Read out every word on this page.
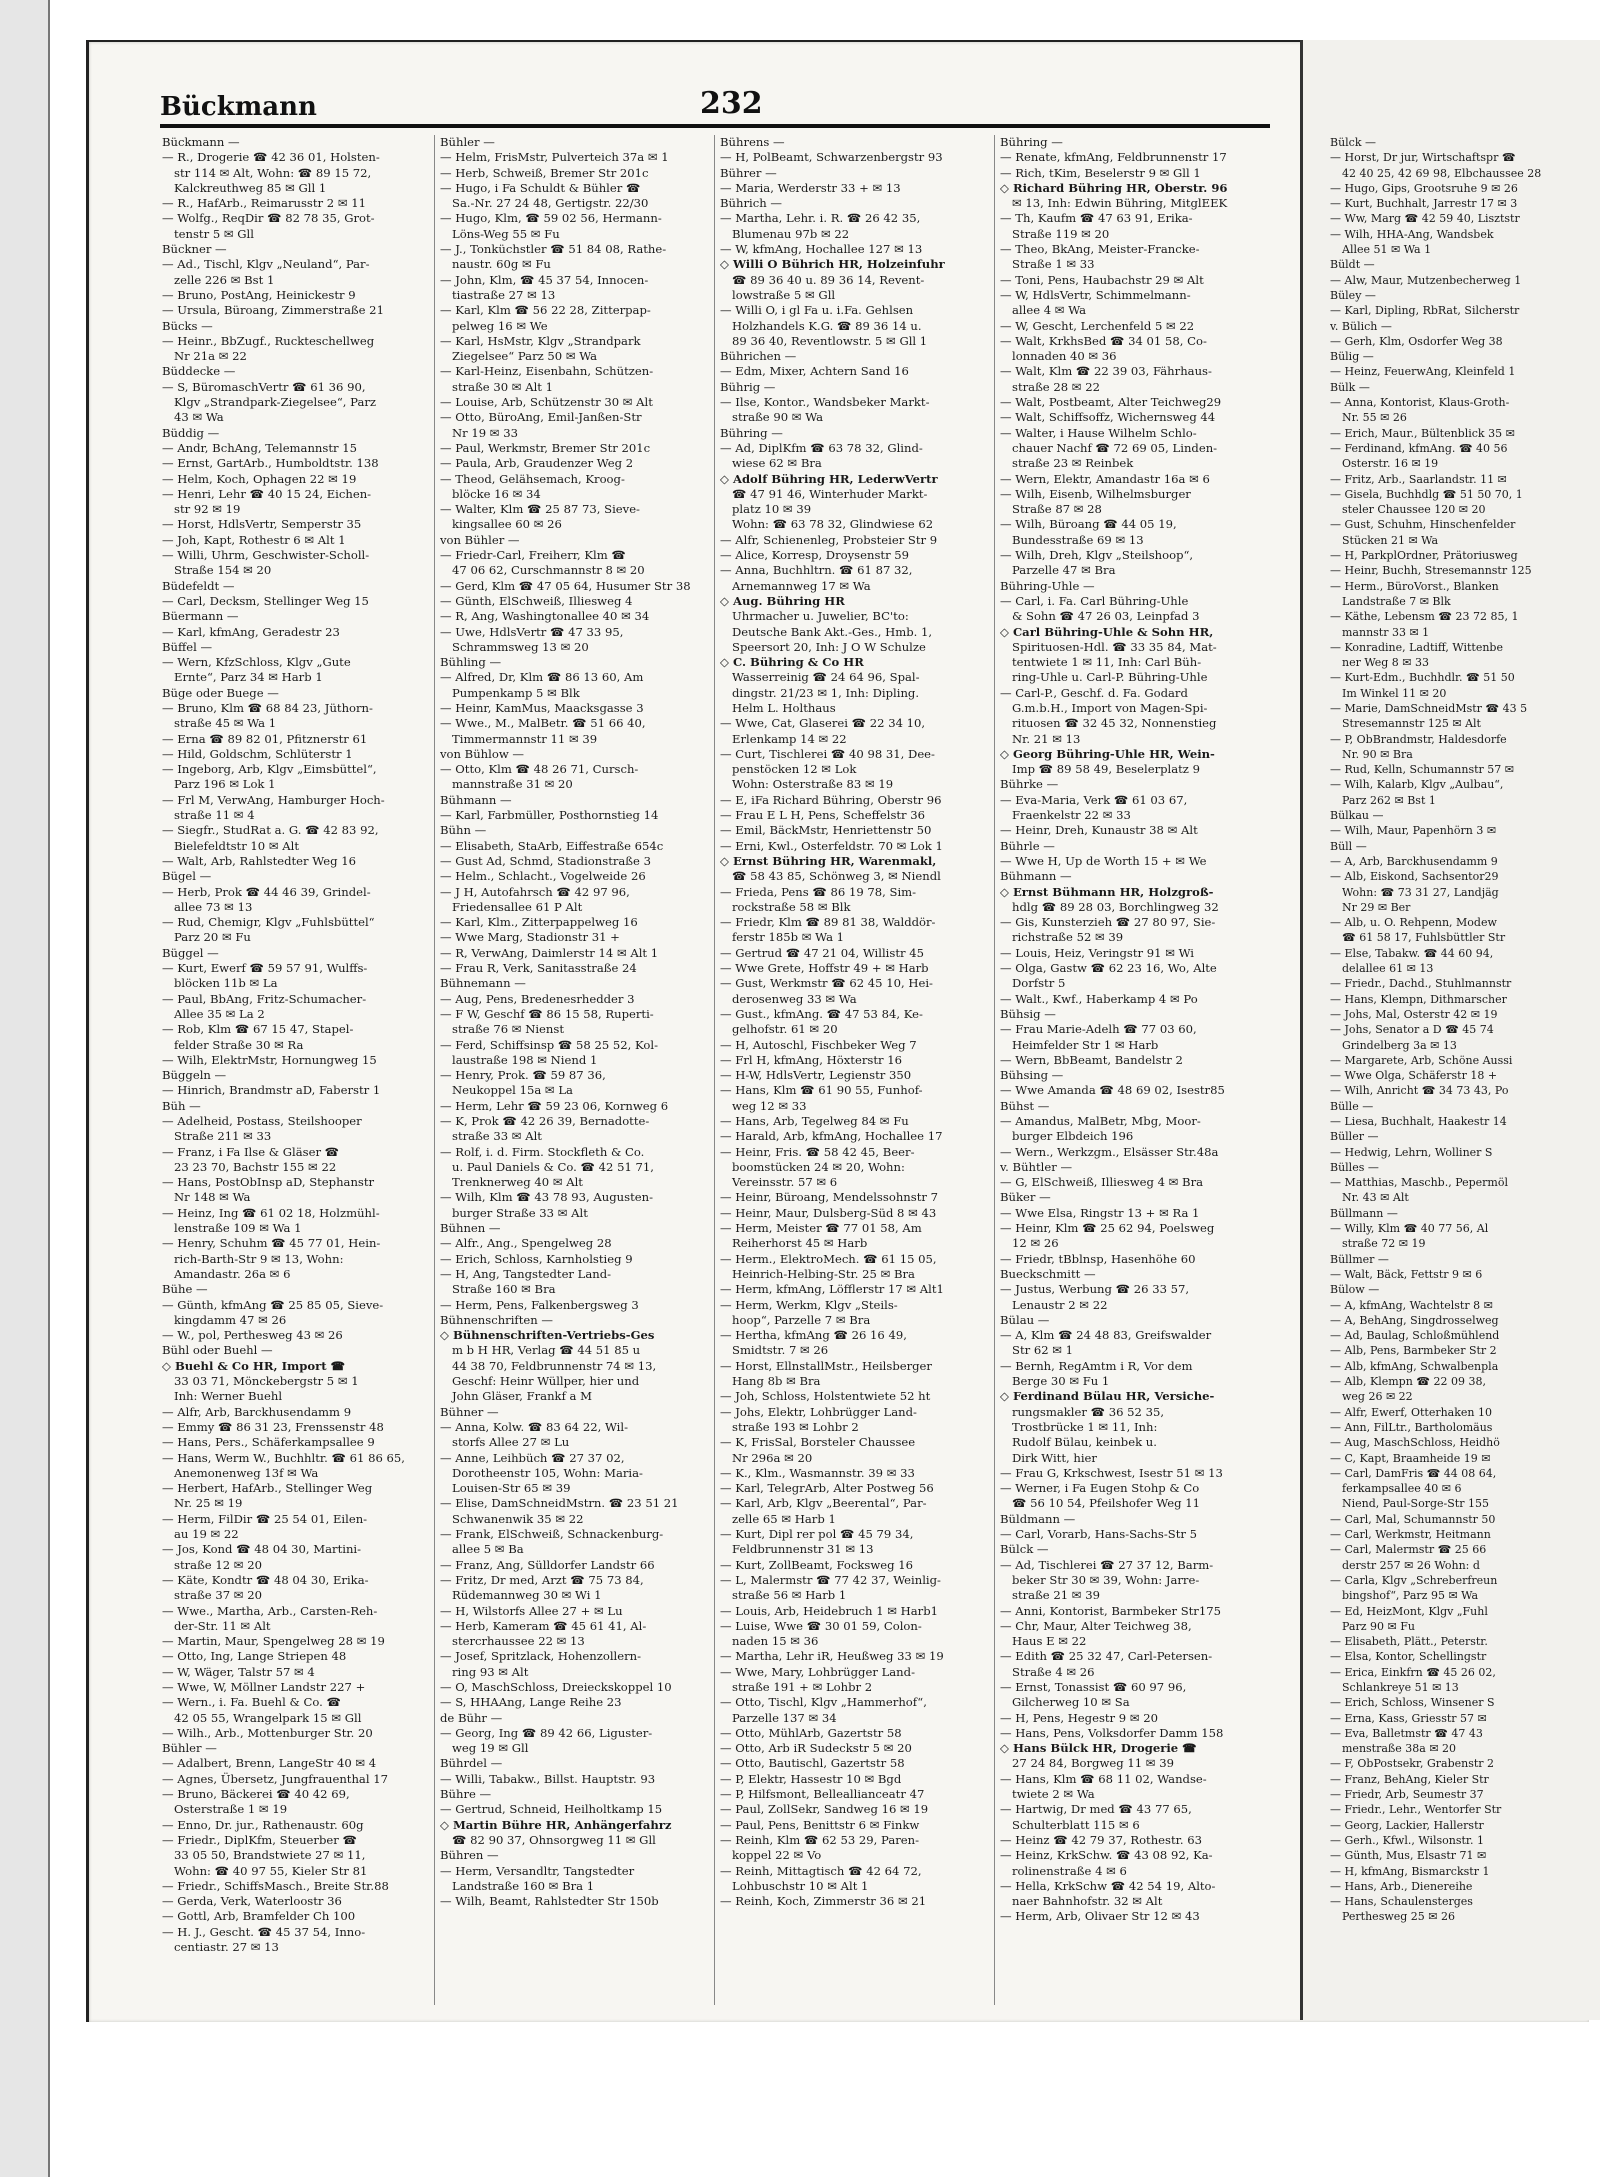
Bückmann	232

Bückmann —

— R., Drogerie ☎ 42 36 01, Holsten-

str 114 ✉ Alt, Wohn: ☎ 89 15 72,

Kalckreuthweg 85 ✉ Gll 1

— R., HafArb., Reimarusstr 2 ✉ 11

— Wolfg., ReqDir ☎ 82 78 35, Grot-

tenstr 5 ✉ Gll

Bückner —

— Ad., Tischl, Klgv „Neuland“, Par-

zelle 226 ✉ Bst 1

— Bruno, PostAng, Heinickestr 9

— Ursula, Büroang, Zimmerstraße 21

Bücks —

— Heinr., BbZugf., Ruckteschellweg

Nr 21a ✉ 22

Büddecke —

— S, BüromaschVertr ☎ 61 36 90,

Klgv „Strandpark-Ziegelsee“, Parz

43 ✉ Wa

Büddig —

— Andr, BchAng, Telemannstr 15

— Ernst, GartArb., Humboldtstr. 138

— Helm, Koch, Ophagen 22 ✉ 19

— Henri, Lehr ☎ 40 15 24, Eichen-

str 92 ✉ 19

— Horst, HdlsVertr, Semperstr 35

— Joh, Kapt, Rothestr 6 ✉ Alt 1

— Willi, Uhrm, Geschwister-Scholl-

Straße 154 ✉ 20

Büdefeldt —

— Carl, Decksm, Stellinger Weg 15

Büermann —

— Karl, kfmAng, Geradestr 23

Büffel —

— Wern, KfzSchloss, Klgv „Gute

Ernte“, Parz 34 ✉ Harb 1

Büge oder Buege —

— Bruno, Klm ☎ 68 84 23, Jüthorn-

straße 45 ✉ Wa 1

— Erna ☎ 89 82 01, Pfitznerstr 61

— Hild, Goldschm, Schlüterstr 1

— Ingeborg, Arb, Klgv „Eimsbüttel“,

Parz 196 ✉ Lok 1

— Frl M, VerwAng, Hamburger Hoch-

straße 11 ✉ 4

— Siegfr., StudRat a. G. ☎ 42 83 92,

Bielefeldtstr 10 ✉ Alt

— Walt, Arb, Rahlstedter Weg 16

Bügel —

— Herb, Prok ☎ 44 46 39, Grindel-

allee 73 ✉ 13

— Rud, Chemigr, Klgv „Fuhlsbüttel“

Parz 20 ✉ Fu

Büggel —

— Kurt, Ewerf ☎ 59 57 91, Wulffs-

blöcken 11b ✉ La

— Paul, BbAng, Fritz-Schumacher-

Allee 35 ✉ La 2

— Rob, Klm ☎ 67 15 47, Stapel-

felder Straße 30 ✉ Ra

— Wilh, ElektrMstr, Hornungweg 15

Büggeln —

— Hinrich, Brandmstr aD, Faberstr 1

Büh —

— Adelheid, Postass, Steilshooper

Straße 211 ✉ 33

— Franz, i Fa Ilse & Gläser ☎

23 23 70, Bachstr 155 ✉ 22

— Hans, PostObInsp aD, Stephanstr

Nr 148 ✉ Wa

— Heinz, Ing ☎ 61 02 18, Holzmühl-

lenstraße 109 ✉ Wa 1

— Henry, Schuhm ☎ 45 77 01, Hein-

rich-Barth-Str 9 ✉ 13, Wohn:

Amandastr. 26a ✉ 6

Bühe —

— Günth, kfmAng ☎ 25 85 05, Sieve-

kingdamm 47 ✉ 26

— W., pol, Perthesweg 43 ✉ 26

Bühl oder Buehl —

◇ Buehl & Co HR, Import ☎

33 03 71, Mönckebergstr 5 ✉ 1

Inh: Werner Buehl

— Alfr, Arb, Barckhusendamm 9

— Emmy ☎ 86 31 23, Frenssenstr 48

— Hans, Pers., Schäferkampsallee 9

— Hans, Werm W., Buchhltr. ☎ 61 86 65,

Anemonenweg 13f ✉ Wa

— Herbert, HafArb., Stellinger Weg

Nr. 25 ✉ 19

— Herm, FilDir ☎ 25 54 01, Eilen-

au 19 ✉ 22

— Jos, Kond ☎ 48 04 30, Martini-

straße 12 ✉ 20

— Käte, Kondtr ☎ 48 04 30, Erika-

straße 37 ✉ 20

— Wwe., Martha, Arb., Carsten-Reh-

der-Str. 11 ✉ Alt

— Martin, Maur, Spengelweg 28 ✉ 19

— Otto, Ing, Lange Striepen 48

— W, Wäger, Talstr 57 ✉ 4

— Wwe, W, Möllner Landstr 227 +

— Wern., i. Fa. Buehl & Co. ☎

42 05 55, Wrangelpark 15 ✉ Gll

— Wilh., Arb., Mottenburger Str. 20

Bühler —

— Adalbert, Brenn, LangeStr 40 ✉ 4

— Agnes, Übersetz, Jungfrauenthal 17

— Bruno, Bäckerei ☎ 40 42 69,

Osterstraße 1 ✉ 19

— Enno, Dr. jur., Rathenaustr. 60g

— Friedr., DiplKfm, Steuerber ☎

33 05 50, Brandstwiete 27 ✉ 11,

Wohn: ☎ 40 97 55, Kieler Str 81

— Friedr., SchiffsMasch., Breite Str.88

— Gerda, Verk, Waterloostr 36

— Gottl, Arb, Bramfelder Ch 100

— H. J., Gescht. ☎ 45 37 54, Inno-

centiastr. 27 ✉ 13

Bühler —

— Helm, FrisMstr, Pulverteich 37a ✉ 1

— Herb, Schweiß, Bremer Str 201c

— Hugo, i Fa Schuldt & Bühler ☎

Sa.-Nr. 27 24 48, Gertigstr. 22/30

— Hugo, Klm, ☎ 59 02 56, Hermann-

Löns-Weg 55 ✉ Fu

— J., Tonküchstler ☎ 51 84 08, Rathe-

naustr. 60g ✉ Fu

— John, Klm, ☎ 45 37 54, Innocen-

tiastraße 27 ✉ 13

— Karl, Klm ☎ 56 22 28, Zitterpap-

pelweg 16 ✉ We

— Karl, HsMstr, Klgv „Strandpark

Ziegelsee“ Parz 50 ✉ Wa

— Karl-Heinz, Eisenbahn, Schützen-

straße 30 ✉ Alt 1

— Louise, Arb, Schützenstr 30 ✉ Alt

— Otto, BüroAng, Emil-Janßen-Str

Nr 19 ✉ 33

— Paul, Werkmstr, Bremer Str 201c

— Paula, Arb, Graudenzer Weg 2

— Theod, Gelähsemach, Kroog-

blöcke 16 ✉ 34

— Walter, Klm ☎ 25 87 73, Sieve-

kingsallee 60 ✉ 26

von Bühler —

— Friedr-Carl, Freiherr, Klm ☎

47 06 62, Curschmannstr 8 ✉ 20

— Gerd, Klm ☎ 47 05 64, Husumer Str 38

— Günth, ElSchweiß, Illiesweg 4

— R, Ang, Washingtonallee 40 ✉ 34

— Uwe, HdlsVertr ☎ 47 33 95,

Schrammsweg 13 ✉ 20

Bühling —

— Alfred, Dr, Klm ☎ 86 13 60, Am

Pumpenkamp 5 ✉ Blk

— Heinr, KamMus, Maacksgasse 3

— Wwe., M., MalBetr. ☎ 51 66 40,

Timmermannstr 11 ✉ 39

von Bühlow —

— Otto, Klm ☎ 48 26 71, Cursch-

mannstraße 31 ✉ 20

Bühmann —

— Karl, Farbmüller, Posthornstieg 14

Bühn —

— Elisabeth, StaArb, Eiffestraße 654c

— Gust Ad, Schmd, Stadionstraße 3

— Helm., Schlacht., Vogelweide 26

— J H, Autofahrsch ☎ 42 97 96,

Friedensallee 61 P Alt

— Karl, Klm., Zitterpappelweg 16

— Wwe Marg, Stadionstr 31 +

— R, VerwAng, Daimlerstr 14 ✉ Alt 1

— Frau R, Verk, Sanitasstraße 24

Bühnemann —

— Aug, Pens, Bredenesrhedder 3

— F W, Geschf ☎ 86 15 58, Ruperti-

straße 76 ✉ Nienst

— Ferd, Schiffsinsp ☎ 58 25 52, Kol-

laustraße 198 ✉ Niend 1

— Henry, Prok. ☎ 59 87 36,

Neukoppel 15a ✉ La

— Herm, Lehr ☎ 59 23 06, Kornweg 6

— K, Prok ☎ 42 26 39, Bernadotte-

straße 33 ✉ Alt

— Rolf, i. d. Firm. Stockfleth & Co.

u. Paul Daniels & Co. ☎ 42 51 71,

Trenknerweg 40 ✉ Alt

— Wilh, Klm ☎ 43 78 93, Augusten-

burger Straße 33 ✉ Alt

Bühnen —

— Alfr., Ang., Spengelweg 28

— Erich, Schloss, Karnholstieg 9

— H, Ang, Tangstedter Land-

Straße 160 ✉ Bra

— Herm, Pens, Falkenbergsweg 3

Bühnenschriften —

◇ Bühnenschriften-Vertriebs-Ges

m b H HR, Verlag ☎ 44 51 85 u

44 38 70, Feldbrunnenstr 74 ✉ 13,

Geschf: Heinr Wüllper, hier und

John Gläser, Frankf a M

Bühner —

— Anna, Kolw. ☎ 83 64 22, Wil-

storfs Allee 27 ✉ Lu

— Anne, Leihbüch ☎ 27 37 02,

Dorotheenstr 105, Wohn: Maria-

Louisen-Str 65 ✉ 39

— Elise, DamSchneidMstrn. ☎ 23 51 21

Schwanenwik 35 ✉ 22

— Frank, ElSchweiß, Schnackenburg-

allee 5 ✉ Ba

— Franz, Ang, Sülldorfer Landstr 66

— Fritz, Dr med, Arzt ☎ 75 73 84,

Rüdemannweg 30 ✉ Wi 1

— H, Wilstorfs Allee 27 + ✉ Lu

— Herb, Kameram ☎ 45 61 41, Al-

stercrhaussee 22 ✉ 13

— Josef, Spritzlack, Hohenzollern-

ring 93 ✉ Alt

— O, MaschSchloss, Dreieckskoppel 10

— S, HHAAng, Lange Reihe 23

de Bühr —

— Georg, Ing ☎ 89 42 66, Liguster-

weg 19 ✉ Gll

Bührdel —

— Willi, Tabakw., Billst. Hauptstr. 93

Bühre —

— Gertrud, Schneid, Heilholtkamp 15

◇ Martin Bühre HR, Anhängerfahrz

☎ 82 90 37, Ohnsorgweg 11 ✉ Gll

Bühren —

— Herm, Versandltr, Tangstedter

Landstraße 160 ✉ Bra 1

— Wilh, Beamt, Rahlstedter Str 150b

Bührens —

— H, PolBeamt, Schwarzenbergstr 93

Bührer —

— Maria, Werderstr 33 + ✉ 13

Bührich —

— Martha, Lehr. i. R. ☎ 26 42 35,

Blumenau 97b ✉ 22

— W, kfmAng, Hochallee 127 ✉ 13

◇ Willi O Bührich HR, Holzeinfuhr

☎ 89 36 40 u. 89 36 14, Revent-

lowstraße 5 ✉ Gll

— Willi O, i gl Fa u. i.Fa. Gehlsen

Holzhandels K.G. ☎ 89 36 14 u.

89 36 40, Reventlowstr. 5 ✉ Gll 1

Bührichen —

— Edm, Mixer, Achtern Sand 16

Bührig —

— Ilse, Kontor., Wandsbeker Markt-

straße 90 ✉ Wa

Bühring —

— Ad, DiplKfm ☎ 63 78 32, Glind-

wiese 62 ✉ Bra

◇ Adolf Bühring HR, LederwVertr

☎ 47 91 46, Winterhuder Markt-

platz 10 ✉ 39

Wohn: ☎ 63 78 32, Glindwiese 62

— Alfr, Schienenleg, Probsteier Str 9

— Alice, Korresp, Droysenstr 59

— Anna, Buchhltrn. ☎ 61 87 32,

Arnemannweg 17 ✉ Wa

◇ Aug. Bühring HR

Uhrmacher u. Juwelier, BC'to:

Deutsche Bank Akt.-Ges., Hmb. 1,

Speersort 20, Inh: J O W Schulze

◇ C. Bühring & Co HR

Wasserreinig ☎ 24 64 96, Spal-

dingstr. 21/23 ✉ 1, Inh: Dipling.

Helm L. Holthaus

— Wwe, Cat, Glaserei ☎ 22 34 10,

Erlenkamp 14 ✉ 22

— Curt, Tischlerei ☎ 40 98 31, Dee-

penstöcken 12 ✉ Lok

Wohn: Osterstraße 83 ✉ 19

— E, iFa Richard Bühring, Oberstr 96

— Frau E L H, Pens, Scheffelstr 36

— Emil, BäckMstr, Henriettenstr 50

— Erni, Kwl., Osterfeldstr. 70 ✉ Lok 1

◇ Ernst Bühring HR, Warenmakl,

☎ 58 43 85, Schönweg 3, ✉ Niendl

— Frieda, Pens ☎ 86 19 78, Sim-

rockstraße 58 ✉ Blk

— Friedr, Klm ☎ 89 81 38, Walddör-

ferstr 185b ✉ Wa 1

— Gertrud ☎ 47 21 04, Willistr 45

— Wwe Grete, Hoffstr 49 + ✉ Harb

— Gust, Werkmstr ☎ 62 45 10, Hei-

derosenweg 33 ✉ Wa

— Gust., kfmAng. ☎ 47 53 84, Ke-

gelhofstr. 61 ✉ 20

— H, Autoschl, Fischbeker Weg 7

— Frl H, kfmAng, Höxterstr 16

— H-W, HdlsVertr, Legienstr 350

— Hans, Klm ☎ 61 90 55, Funhof-

weg 12 ✉ 33

— Hans, Arb, Tegelweg 84 ✉ Fu

— Harald, Arb, kfmAng, Hochallee 17

— Heinr, Fris. ☎ 58 42 45, Beer-

boomstücken 24 ✉ 20, Wohn:

Vereinsstr. 57 ✉ 6

— Heinr, Büroang, Mendelssohnstr 7

— Heinr, Maur, Dulsberg-Süd 8 ✉ 43

— Herm, Meister ☎ 77 01 58, Am

Reiherhorst 45 ✉ Harb

— Herm., ElektroMech. ☎ 61 15 05,

Heinrich-Helbing-Str. 25 ✉ Bra

— Herm, kfmAng, Löfflerstr 17 ✉ Alt1

— Herm, Werkm, Klgv „Steils-

hoop“, Parzelle 7 ✉ Bra

— Hertha, kfmAng ☎ 26 16 49,

Smidtstr. 7 ✉ 26

— Horst, EllnstallMstr., Heilsberger

Hang 8b ✉ Bra

— Joh, Schloss, Holstentwiete 52 ht

— Johs, Elektr, Lohbrügger Land-

straße 193 ✉ Lohbr 2

— K, FrisSal, Borsteler Chaussee

Nr 296a ✉ 20

— K., Klm., Wasmannstr. 39 ✉ 33

— Karl, TelegrArb, Alter Postweg 56

— Karl, Arb, Klgv „Beerental“, Par-

zelle 65 ✉ Harb 1

— Kurt, Dipl rer pol ☎ 45 79 34,

Feldbrunnenstr 31 ✉ 13

— Kurt, ZollBeamt, Focksweg 16

— L, Malermstr ☎ 77 42 37, Weinlig-

straße 56 ✉ Harb 1

— Louis, Arb, Heidebruch 1 ✉ Harb1

— Luise, Wwe ☎ 30 01 59, Colon-

naden 15 ✉ 36

— Martha, Lehr iR, Heußweg 33 ✉ 19

— Wwe, Mary, Lohbrügger Land-

straße 191 + ✉ Lohbr 2

— Otto, Tischl, Klgv „Hammerhof“,

Parzelle 137 ✉ 34

— Otto, MühlArb, Gazertstr 58

— Otto, Arb iR Sudeckstr 5 ✉ 20

— Otto, Bautischl, Gazertstr 58

— P, Elektr, Hassestr 10 ✉ Bgd

— P, Hilfsmont, Belleallianceatr 47

— Paul, ZollSekr, Sandweg 16 ✉ 19

— Paul, Pens, Benittstr 6 ✉ Finkw

— Reinh, Klm ☎ 62 53 29, Paren-

koppel 22 ✉ Vo

— Reinh, Mittagtisch ☎ 42 64 72,

Lohbuschstr 10 ✉ Alt 1

— Reinh, Koch, Zimmerstr 36 ✉ 21

Bühring —

— Renate, kfmAng, Feldbrunnenstr 17

— Rich, tKim, Beselerstr 9 ✉ Gll 1

◇ Richard Bühring HR, Oberstr. 96

✉ 13, Inh: Edwin Bühring, MitglEEK

— Th, Kaufm ☎ 47 63 91, Erika-

Straße 119 ✉ 20

— Theo, BkAng, Meister-Francke-

Straße 1 ✉ 33

— Toni, Pens, Haubachstr 29 ✉ Alt

— W, HdlsVertr, Schimmelmann-

allee 4 ✉ Wa

— W, Gescht, Lerchenfeld 5 ✉ 22

— Walt, KrkhsBed ☎ 34 01 58, Co-

lonnaden 40 ✉ 36

— Walt, Klm ☎ 22 39 03, Fährhaus-

straße 28 ✉ 22

— Walt, Postbeamt, Alter Teichweg29

— Walt, Schiffsoffz, Wichernsweg 44

— Walter, i Hause Wilhelm Schlo-

chauer Nachf ☎ 72 69 05, Linden-

straße 23 ✉ Reinbek

— Wern, Elektr, Amandastr 16a ✉ 6

— Wilh, Eisenb, Wilhelmsburger

Straße 87 ✉ 28

— Wilh, Büroang ☎ 44 05 19,

Bundesstraße 69 ✉ 13

— Wilh, Dreh, Klgv „Steilshoop“,

Parzelle 47 ✉ Bra

Bühring-Uhle —

— Carl, i. Fa. Carl Bühring-Uhle

& Sohn ☎ 47 26 03, Leinpfad 3

◇ Carl Bühring-Uhle & Sohn HR,

Spirituosen-Hdl. ☎ 33 35 84, Mat-

tentwiete 1 ✉ 11, Inh: Carl Büh-

ring-Uhle u. Carl-P. Bühring-Uhle

— Carl-P., Geschf. d. Fa. Godard

G.m.b.H., Import von Magen-Spi-

rituosen ☎ 32 45 32, Nonnenstieg

Nr. 21 ✉ 13

◇ Georg Bühring-Uhle HR, Wein-

Imp ☎ 89 58 49, Beselerplatz 9

Bührke —

— Eva-Maria, Verk ☎ 61 03 67,

Fraenkelstr 22 ✉ 33

— Heinr, Dreh, Kunaustr 38 ✉ Alt

Bührle —

— Wwe H, Up de Worth 15 + ✉ We

Bühmann —

◇ Ernst Bühmann HR, Holzgroß-

hdlg ☎ 89 28 03, Borchlingweg 32

— Gis, Kunsterzieh ☎ 27 80 97, Sie-

richstraße 52 ✉ 39

— Louis, Heiz, Veringstr 91 ✉ Wi

— Olga, Gastw ☎ 62 23 16, Wo, Alte

Dorfstr 5

— Walt., Kwf., Haberkamp 4 ✉ Po

Bühsig —

— Frau Marie-Adelh ☎ 77 03 60,

Heimfelder Str 1 ✉ Harb

— Wern, BbBeamt, Bandelstr 2

Bühsing —

— Wwe Amanda ☎ 48 69 02, Isestr85

Bühst —

— Amandus, MalBetr, Mbg, Moor-

burger Elbdeich 196

— Wern., Werkzgm., Elsässer Str.48a

v. Bühtler —

— G, ElSchweiß, Illiesweg 4 ✉ Bra

Büker —

— Wwe Elsa, Ringstr 13 + ✉ Ra 1

— Heinr, Klm ☎ 25 62 94, Poelsweg

12 ✉ 26

— Friedr, tBblnsp, Hasenhöhe 60

Bueckschmitt —

— Justus, Werbung ☎ 26 33 57,

Lenaustr 2 ✉ 22

Bülau —

— A, Klm ☎ 24 48 83, Greifswalder

Str 62 ✉ 1

— Bernh, RegAmtm i R, Vor dem

Berge 30 ✉ Fu 1

◇ Ferdinand Bülau HR, Versiche-

rungsmakler ☎ 36 52 35,

Trostbrücke 1 ✉ 11, Inh:

Rudolf Bülau, keinbek u.

Dirk Witt, hier

— Frau G, Krkschwest, Isestr 51 ✉ 13

— Werner, i Fa Eugen Stohp & Co

☎ 56 10 54, Pfeilshofer Weg 11

Büldmann —

— Carl, Vorarb, Hans-Sachs-Str 5

Bülck —

— Ad, Tischlerei ☎ 27 37 12, Barm-

beker Str 30 ✉ 39, Wohn: Jarre-

straße 21 ✉ 39

— Anni, Kontorist, Barmbeker Str175

— Chr, Maur, Alter Teichweg 38,

Haus E ✉ 22

— Edith ☎ 25 32 47, Carl-Petersen-

Straße 4 ✉ 26

— Ernst, Tonassist ☎ 60 97 96,

Gilcherweg 10 ✉ Sa

— H, Pens, Hegestr 9 ✉ 20

— Hans, Pens, Volksdorfer Damm 158

◇ Hans Bülck HR, Drogerie ☎

27 24 84, Borgweg 11 ✉ 39

— Hans, Klm ☎ 68 11 02, Wandse-

twiete 2 ✉ Wa

— Hartwig, Dr med ☎ 43 77 65,

Schulterblatt 115 ✉ 6

— Heinz ☎ 42 79 37, Rothestr. 63

— Heinz, KrkSchw. ☎ 43 08 92, Ka-

rolinenstraße 4 ✉ 6

— Hella, KrkSchw ☎ 42 54 19, Alto-

naer Bahnhofstr. 32 ✉ Alt

— Herm, Arb, Olivaer Str 12 ✉ 43

Bülck —

— Horst, Dr jur, Wirtschaftspr ☎

42 40 25, 42 69 98, Elbchaussee 28

— Hugo, Gips, Grootsruhe 9 ✉ 26

— Kurt, Buchhalt, Jarrestr 17 ✉ 3

— Ww, Marg ☎ 42 59 40, Lisztstr

— Wilh, HHA-Ang, Wandsbek

Allee 51 ✉ Wa 1

Büldt —

— Alw, Maur, Mutzenbecherweg 1

Büley —

— Karl, Dipling, RbRat, Silcherstr

v. Bülich —

— Gerh, Klm, Osdorfer Weg 38

Bülig —

— Heinz, FeuerwAng, Kleinfeld 1

Bülk —

— Anna, Kontorist, Klaus-Groth-

Nr. 55 ✉ 26

— Erich, Maur., Bültenblick 35 ✉

— Ferdinand, kfmAng. ☎ 40 56

Osterstr. 16 ✉ 19

— Fritz, Arb., Saarlandstr. 11 ✉

— Gisela, Buchhdlg ☎ 51 50 70, 1

steler Chaussee 120 ✉ 20

— Gust, Schuhm, Hinschenfelder

Stücken 21 ✉ Wa

— H, ParkplOrdner, Prätoriusweg

— Heinr, Buchh, Stresemannstr 125

— Herm., BüroVorst., Blanken

Landstraße 7 ✉ Blk

— Käthe, Lebensm ☎ 23 72 85, 1

mannstr 33 ✉ 1

— Konradine, Ladtiff, Wittenbe

ner Weg 8 ✉ 33

— Kurt-Edm., Buchhdlr. ☎ 51 50

Im Winkel 11 ✉ 20

— Marie, DamSchneidMstr ☎ 43 5

Stresemannstr 125 ✉ Alt

— P, ObBrandmstr, Haldesdorfe

Nr. 90 ✉ Bra

— Rud, Kelln, Schumannstr 57 ✉

— Wilh, Kalarb, Klgv „Aulbau“,

Parz 262 ✉ Bst 1

Bülkau —

— Wilh, Maur, Papenhörn 3 ✉

Büll —

— A, Arb, Barckhusendamm 9

— Alb, Eiskond, Sachsentor29

Wohn: ☎ 73 31 27, Landjäg

Nr 29 ✉ Ber

— Alb, u. O. Rehpenn, Modew

☎ 61 58 17, Fuhlsbüttler Str

— Else, Tabakw. ☎ 44 60 94,

delallee 61 ✉ 13

— Friedr., Dachd., Stuhlmannstr

— Hans, Klempn, Dithmarscher

— Johs, Mal, Osterstr 42 ✉ 19

— Johs, Senator a D ☎ 45 74

Grindelberg 3a ✉ 13

— Margarete, Arb, Schöne Aussi

— Wwe Olga, Schäferstr 18 +

— Wilh, Anricht ☎ 34 73 43, Po

Bülle —

— Liesa, Buchhalt, Haakestr 14

Büller —

— Hedwig, Lehrn, Wolliner S

Bülles —

— Matthias, Maschb., Pepermöl

Nr. 43 ✉ Alt

Büllmann —

— Willy, Klm ☎ 40 77 56, Al

straße 72 ✉ 19

Büllmer —

— Walt, Bäck, Fettstr 9 ✉ 6

Bülow —

— A, kfmAng, Wachtelstr 8 ✉

— A, BehAng, Singdrosselweg

— Ad, Baulag, Schloßmühlend

— Alb, Pens, Barmbeker Str 2

— Alb, kfmAng, Schwalbenpla

— Alb, Klempn ☎ 22 09 38,

weg 26 ✉ 22

— Alfr, Ewerf, Otterhaken 10

— Ann, FilLtr., Bartholomäus

— Aug, MaschSchloss, Heidhö

— C, Kapt, Braamheide 19 ✉

— Carl, DamFris ☎ 44 08 64,

ferkampsallee 40 ✉ 6

Niend, Paul-Sorge-Str 155

— Carl, Mal, Schumannstr 50

— Carl, Werkmstr, Heitmann

— Carl, Malermstr ☎ 25 66

derstr 257 ✉ 26 Wohn: d

— Carla, Klgv „Schreberfreun

bingshof“, Parz 95 ✉ Wa

— Ed, HeizMont, Klgv „Fuhl

Parz 90 ✉ Fu

— Elisabeth, Plätt., Peterstr.

— Elsa, Kontor, Schellingstr

— Erica, Einkfrn ☎ 45 26 02,

Schlankreye 51 ✉ 13

— Erich, Schloss, Winsener S

— Erna, Kass, Griesstr 57 ✉

— Eva, Balletmstr ☎ 47 43

menstraße 38a ✉ 20

— F, ObPostsekr, Grabenstr 2

— Franz, BehAng, Kieler Str

— Friedr, Arb, Seumestr 37

— Friedr., Lehr., Wentorfer Str

— Georg, Lackier, Hallerstr

— Gerh., Kfwl., Wilsonstr. 1

— Günth, Mus, Elsastr 71 ✉

— H, kfmAng, Bismarckstr 1

— Hans, Arb., Dienereihe

— Hans, Schaulensterges

Perthesweg 25 ✉ 26
